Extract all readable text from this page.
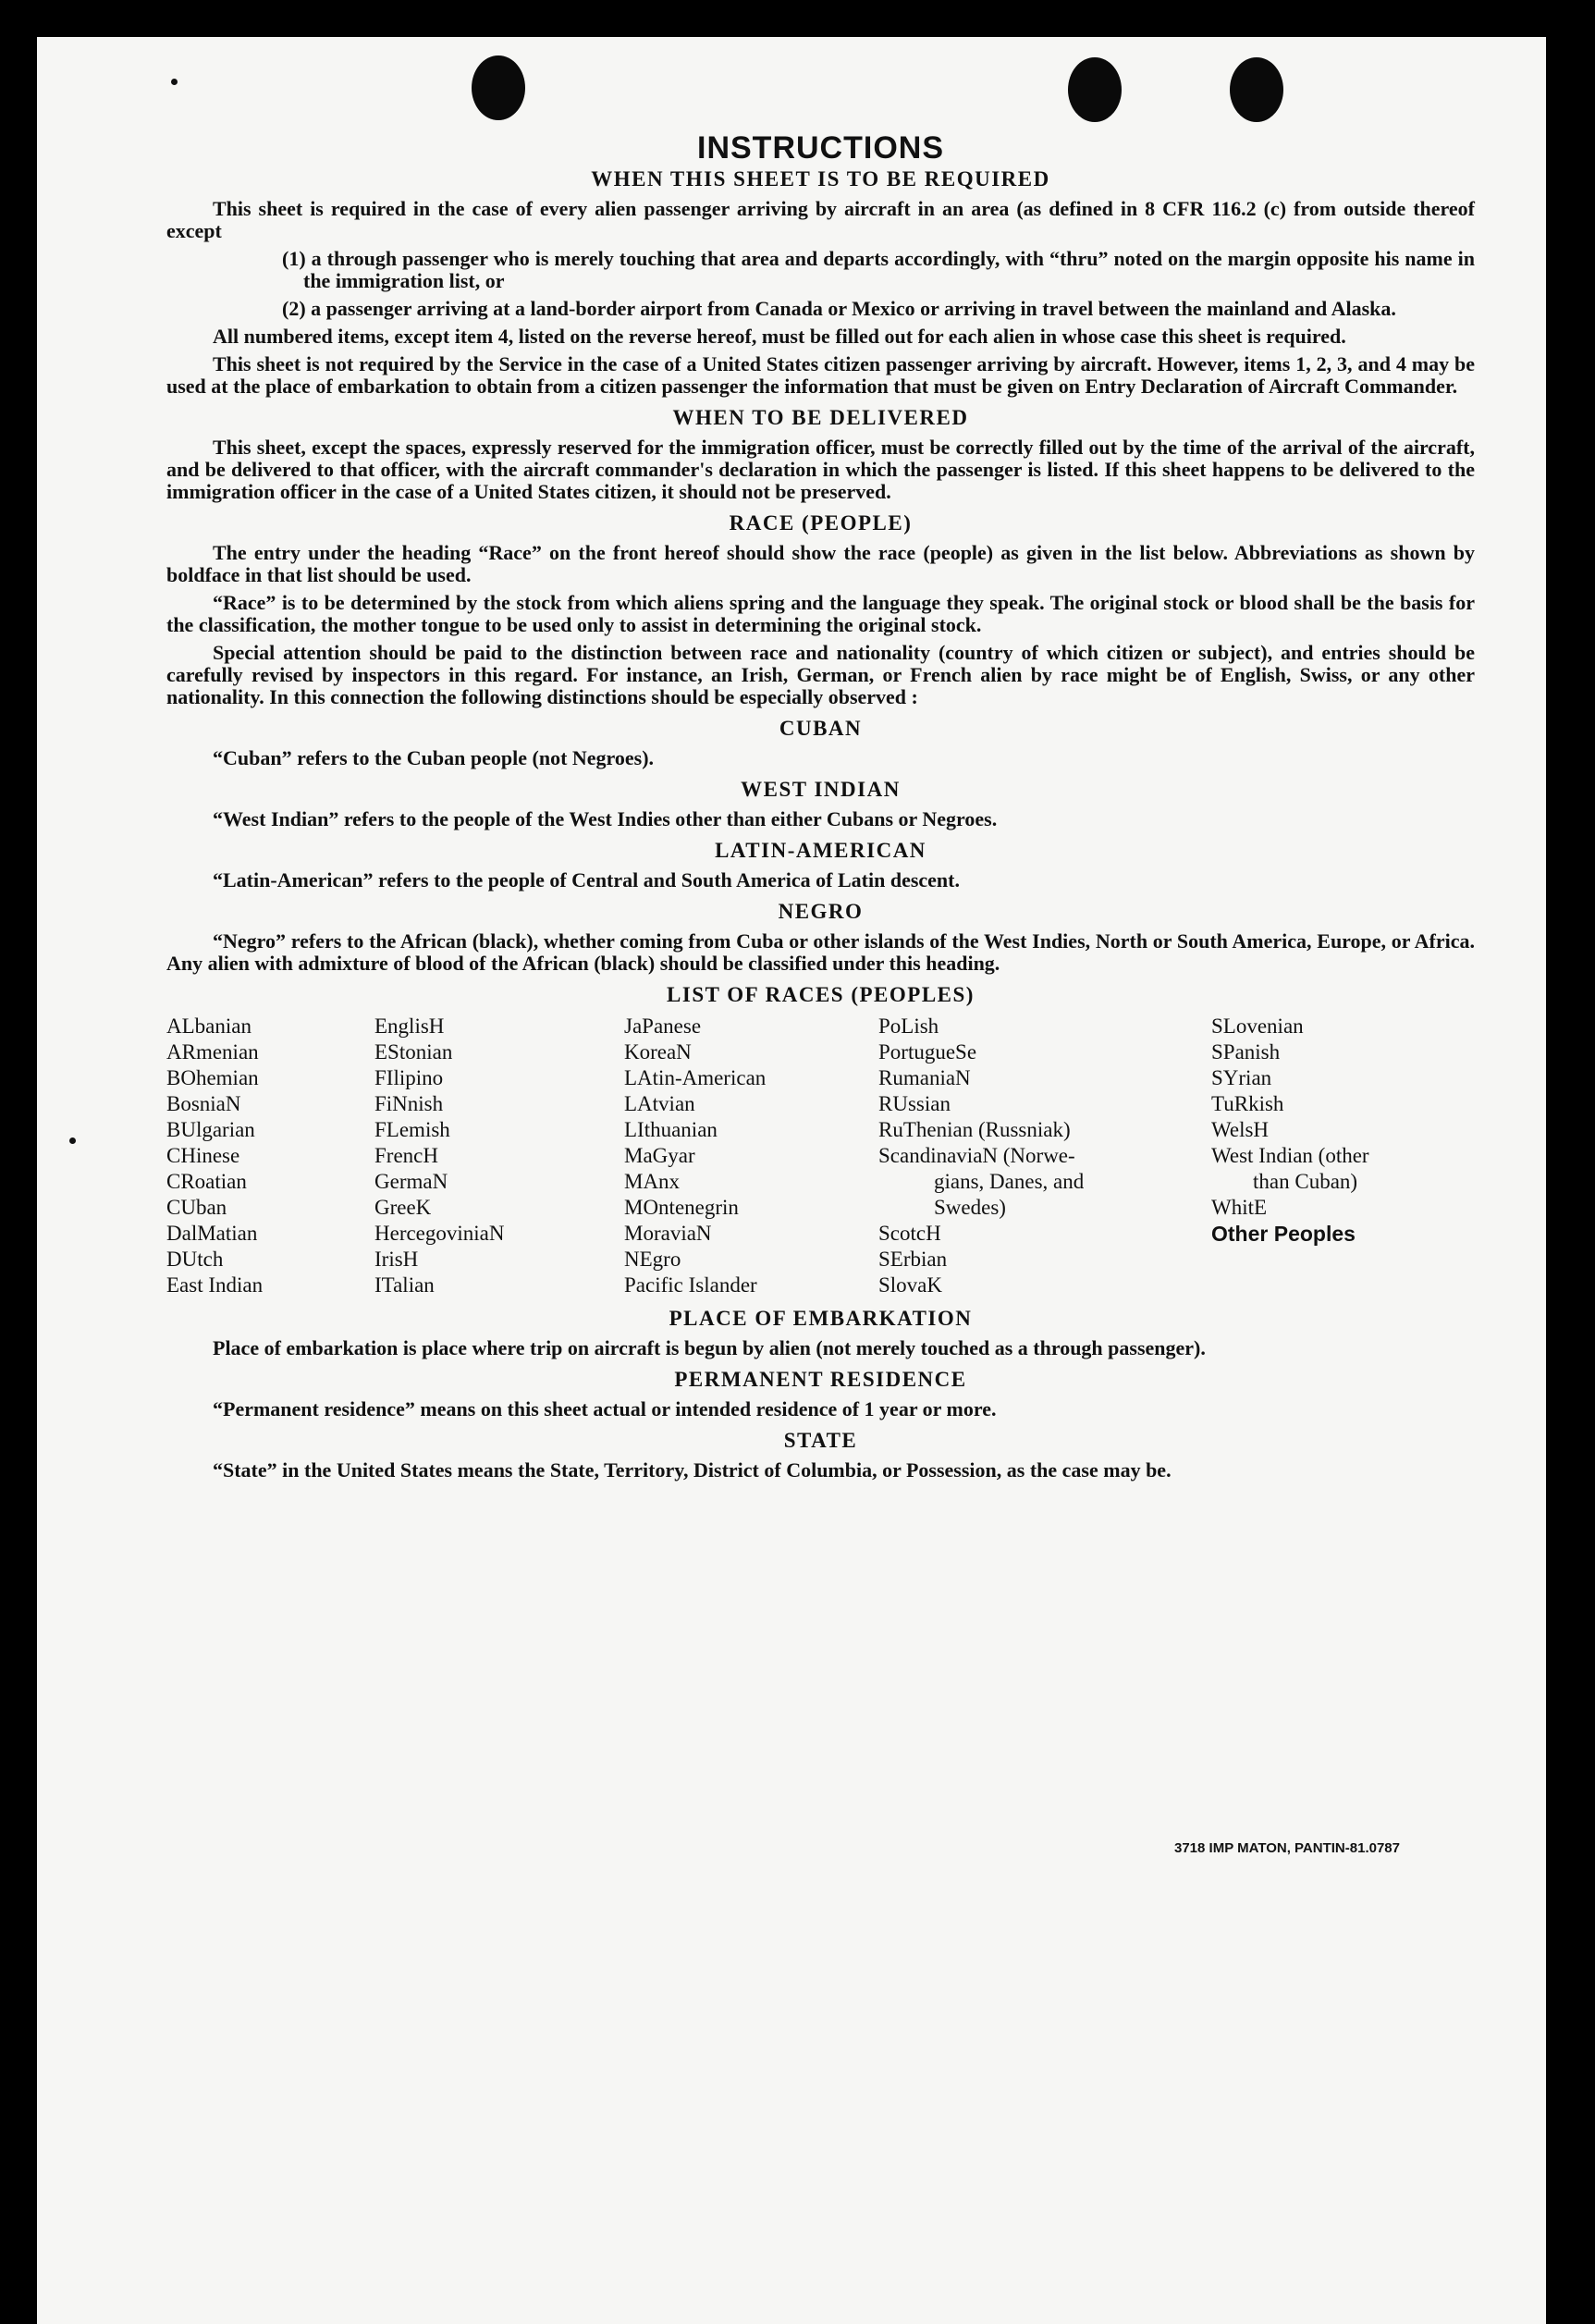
INSTRUCTIONS
WHEN THIS SHEET IS TO BE REQUIRED

This sheet is required in the case of every alien passenger arriving by aircraft in an area (as defined in 8 CFR 116.2 (c) from outside thereof except

(1) a through passenger who is merely touching that area and departs accordingly, with “thru” noted on the margin opposite his name in the immigration list, or

(2) a passenger arriving at a land-border airport from Canada or Mexico or arriving in travel between the mainland and Alaska.

All numbered items, except item 4, listed on the reverse hereof, must be filled out for each alien in whose case this sheet is required.

This sheet is not required by the Service in the case of a United States citizen passenger arriving by aircraft. However, items 1, 2, 3, and 4 may be used at the place of embarkation to obtain from a citizen passenger the information that must be given on Entry Declaration of Aircraft Commander.

WHEN TO BE DELIVERED

This sheet, except the spaces, expressly reserved for the immigration officer, must be correctly filled out by the time of the arrival of the aircraft, and be delivered to that officer, with the aircraft commander's declaration in which the passenger is listed. If this sheet happens to be delivered to the immigration officer in the case of a United States citizen, it should not be preserved.

RACE (PEOPLE)

The entry under the heading “Race” on the front hereof should show the race (people) as given in the list below. Abbreviations as shown by boldface in that list should be used.

“Race” is to be determined by the stock from which aliens spring and the language they speak. The original stock or blood shall be the basis for the classification, the mother tongue to be used only to assist in determining the original stock.

Special attention should be paid to the distinction between race and nationality (country of which citizen or subject), and entries should be carefully revised by inspectors in this regard. For instance, an Irish, German, or French alien by race might be of English, Swiss, or any other nationality. In this connection the following distinctions should be especially observed :

CUBAN

“Cuban” refers to the Cuban people (not Negroes).

WEST INDIAN

“West Indian” refers to the people of the West Indies other than either Cubans or Negroes.

LATIN-AMERICAN

“Latin-American” refers to the people of Central and South America of Latin descent.

NEGRO

“Negro” refers to the African (black), whether coming from Cuba or other islands of the West Indies, North or South America, Europe, or Africa. Any alien with admixture of blood of the African (black) should be classified under this heading.

LIST OF RACES (PEOPLES)
ALbanian
ARmenian
BOhemian
BosniaN
BUlgarian
CHinese
CRoatian
CUban
DalMatian
DUtch
East Indian
EnglisH
EStonian
FIlipino
FiNnish
FLemish
FrencH
GermaN
GreeK
HercegoviniaN
IrisH
ITalian
JaPanese
KoreaN
LAtin-American
LAtvian
LIthuanian
MaGyar
MAnx
MOntenegrin
MoraviaN
NEgro
Pacific Islander
PoLish
PortugueSe
RumaniaN
RUssian
RuThenian (Russniak)
ScandinaviaN (Norwe-
gians, Danes, and
Swedes)
ScotcH
SErbian
SlovaK
SLovenian
SPanish
SYrian
TuRkish
WelsH
West Indian (other
than Cuban)
WhitE
Other Peoples
PLACE OF EMBARKATION

Place of embarkation is place where trip on aircraft is begun by alien (not merely touched as a through passenger).

PERMANENT RESIDENCE

“Permanent residence” means on this sheet actual or intended residence of 1 year or more.

STATE

“State” in the United States means the State, Territory, District of Columbia, or Possession, as the case may be.

3718 IMP MATON, PANTIN-81.0787
